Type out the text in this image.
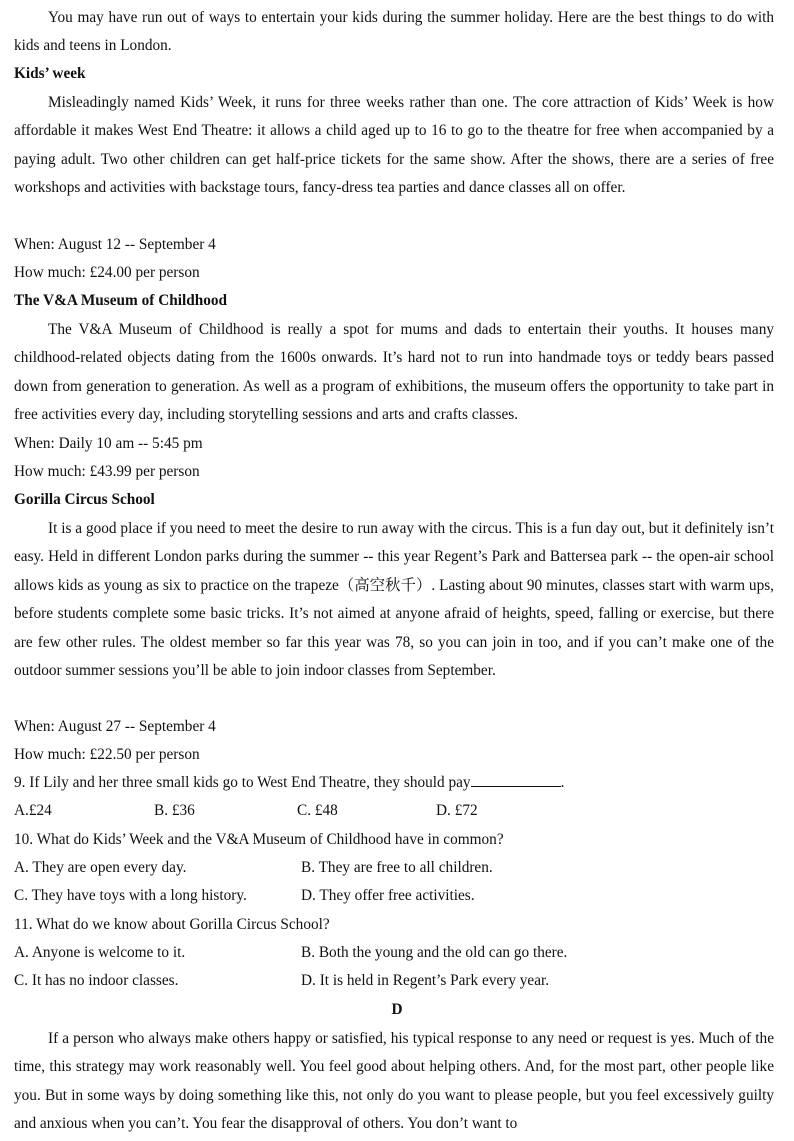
You may have run out of ways to entertain your kids during the summer holiday. Here are the best things to do with kids and teens in London.

Kids’ week

Misleadingly named Kids’ Week, it runs for three weeks rather than one. The core attraction of Kids’ Week is how affordable it makes West End Theatre: it allows a child aged up to 16 to go to the theatre for free when accompanied by a paying adult. Two other children can get half-price tickets for the same show. After the shows, there are a series of free workshops and activities with backstage tours, fancy-dress tea parties and dance classes all on offer.

When: August 12 -- September 4
How much: £24.00 per person
The V&A Museum of Childhood

The V&A Museum of Childhood is really a spot for mums and dads to entertain their youths. It houses many childhood-related objects dating from the 1600s onwards. It’s hard not to run into handmade toys or teddy bears passed down from generation to generation. As well as a program of exhibitions, the museum offers the opportunity to take part in free activities every day, including storytelling sessions and arts and crafts classes.

When: Daily 10 am -- 5:45 pm
How much: £43.99 per person
Gorilla Circus School

It is a good place if you need to meet the desire to run away with the circus. This is a fun day out, but it definitely isn’t easy. Held in different London parks during the summer -- this year Regent’s Park and Battersea park -- the open-air school allows kids as young as six to practice on the trapeze（高空秋千）. Lasting about 90 minutes, classes start with warm ups, before students complete some basic tricks. It’s not aimed at anyone afraid of heights, speed, falling or exercise, but there are few other rules. The oldest member so far this year was 78, so you can join in too, and if you can’t make one of the outdoor summer sessions you’ll be able to join indoor classes from September.

When: August 27 -- September 4
How much: £22.50 per person
9. If Lily and her three small kids go to West End Theatre, they should pay	.
A.£24	B. £36	C. £48	D. £72
10. What do Kids’ Week and the V&A Museum of Childhood have in common?
A. They are open every day.	B. They are free to all children.
C. They have toys with a long history.	D. They offer free activities.
11. What do we know about Gorilla Circus School?
A. Anyone is welcome to it.	B. Both the young and the old can go there.
C. It has no indoor classes.	D. It is held in Regent’s Park every year.
D

If a person who always make others happy or satisfied, his typical response to any need or request is yes. Much of the time, this strategy may work reasonably well. You feel good about helping others. And, for the most part, other people like you. But in some ways by doing something like this, not only do you want to please people, but you feel excessively guilty and anxious when you can’t. You fear the disapproval of others. You don’t want to
